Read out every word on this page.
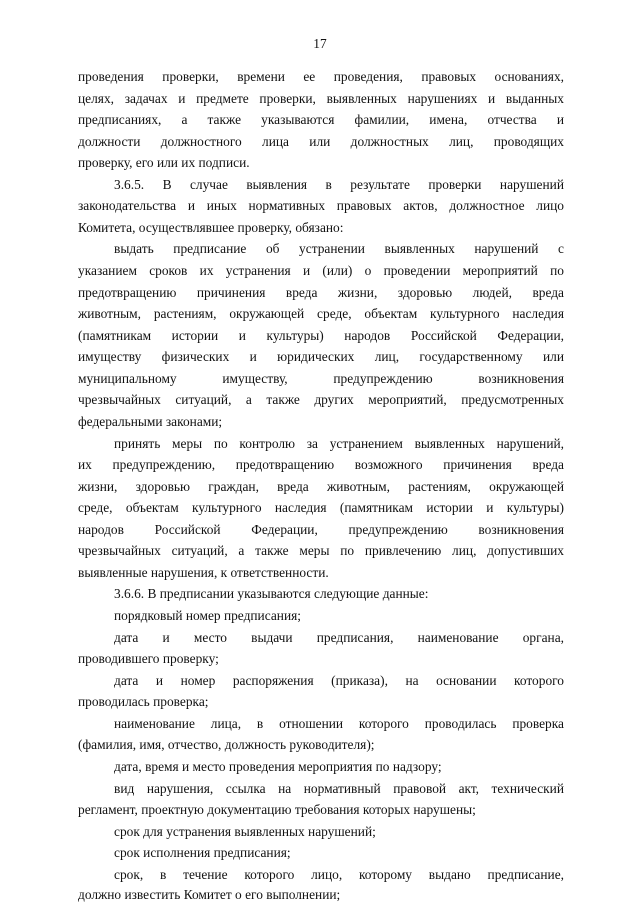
17
проведения проверки, времени ее проведения, правовых основаниях,
целях, задачах и предмете проверки, выявленных нарушениях и выданных
предписаниях, а также указываются фамилии, имена, отчества и
должности должностного лица или должностных лиц, проводящих
проверку, его или их подписи.
3.6.5. В случае выявления в результате проверки нарушений
законодательства и иных нормативных правовых актов, должностное лицо
Комитета, осуществлявшее проверку, обязано:
выдать предписание об устранении выявленных нарушений с
указанием сроков их устранения и (или) о проведении мероприятий по
предотвращению причинения вреда жизни, здоровью людей, вреда
животным, растениям, окружающей среде, объектам культурного наследия
(памятникам истории и культуры) народов Российской Федерации,
имуществу физических и юридических лиц, государственному или
муниципальному имуществу, предупреждению возникновения
чрезвычайных ситуаций, а также других мероприятий, предусмотренных
федеральными законами;
принять меры по контролю за устранением выявленных нарушений,
их предупреждению, предотвращению возможного причинения вреда
жизни, здоровью граждан, вреда животным, растениям, окружающей
среде, объектам культурного наследия (памятникам истории и культуры)
народов Российской Федерации, предупреждению возникновения
чрезвычайных ситуаций, а также меры по привлечению лиц, допустивших
выявленные нарушения, к ответственности.
3.6.6. В предписании указываются следующие данные:
порядковый номер предписания;
дата и место выдачи предписания, наименование органа,
проводившего проверку;
дата и номер распоряжения (приказа), на основании которого
проводилась проверка;
наименование лица, в отношении которого проводилась проверка
(фамилия, имя, отчество, должность руководителя);
дата, время и место проведения мероприятия по надзору;
вид нарушения, ссылка на нормативный правовой акт, технический
регламент, проектную документацию требования которых нарушены;
срок для устранения выявленных нарушений;
срок исполнения предписания;
срок, в течение которого лицо, которому выдано предписание,
должно известить Комитет о его выполнении;
